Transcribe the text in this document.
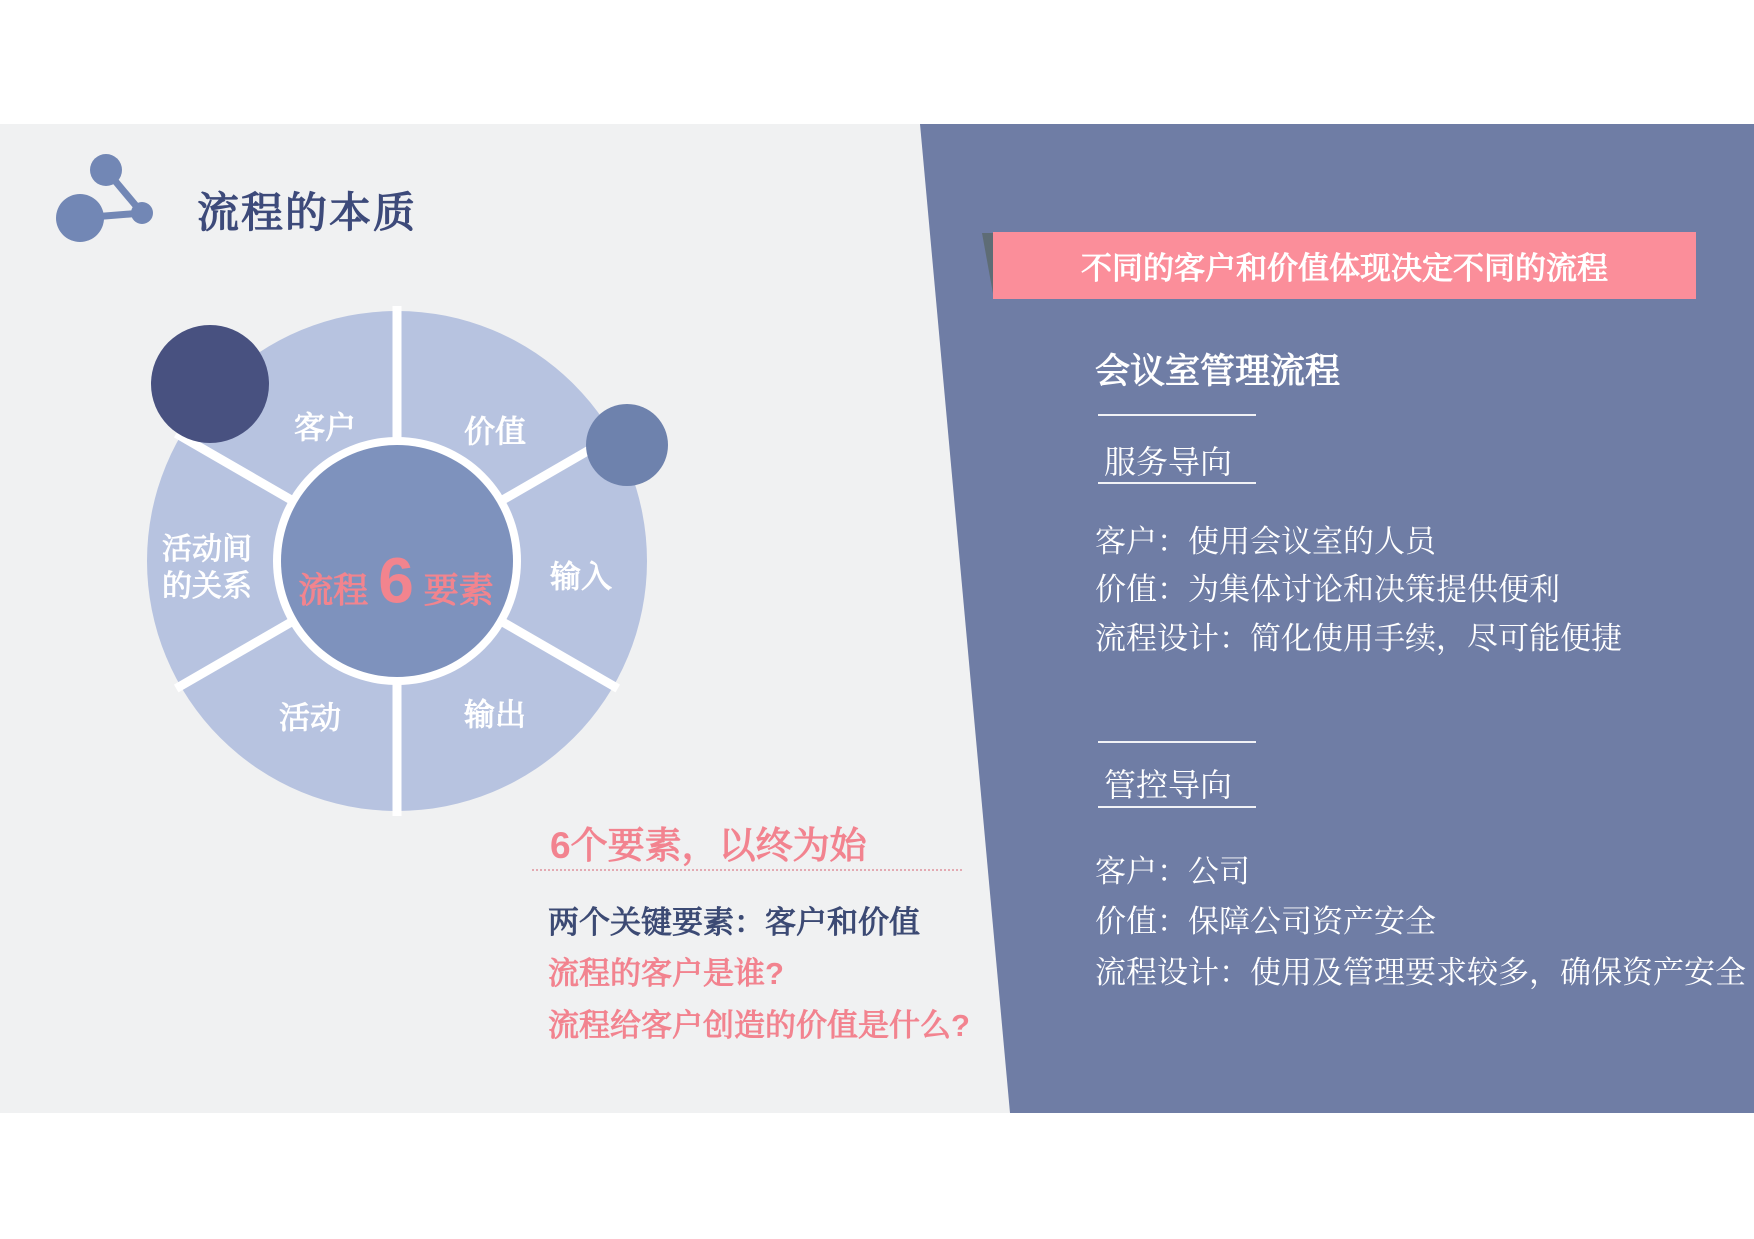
流程的本质
客户	价值
输入
输出
活动
活动间的关系 流程 6 要素
6个要素，以终为始
两个关键要素：客户和价值
流程的客户是谁?
流程给客户创造的价值是什么?
不同的客户和价值体现决定不同的流程
会议室管理流程
服务导向
客户：使用会议室的人员
价值：为集体讨论和决策提供便利
流程设计：简化使用手续，尽可能便捷
管控导向
客户：公司
价值：保障公司资产安全
流程设计：使用及管理要求较多，确保资产安全
